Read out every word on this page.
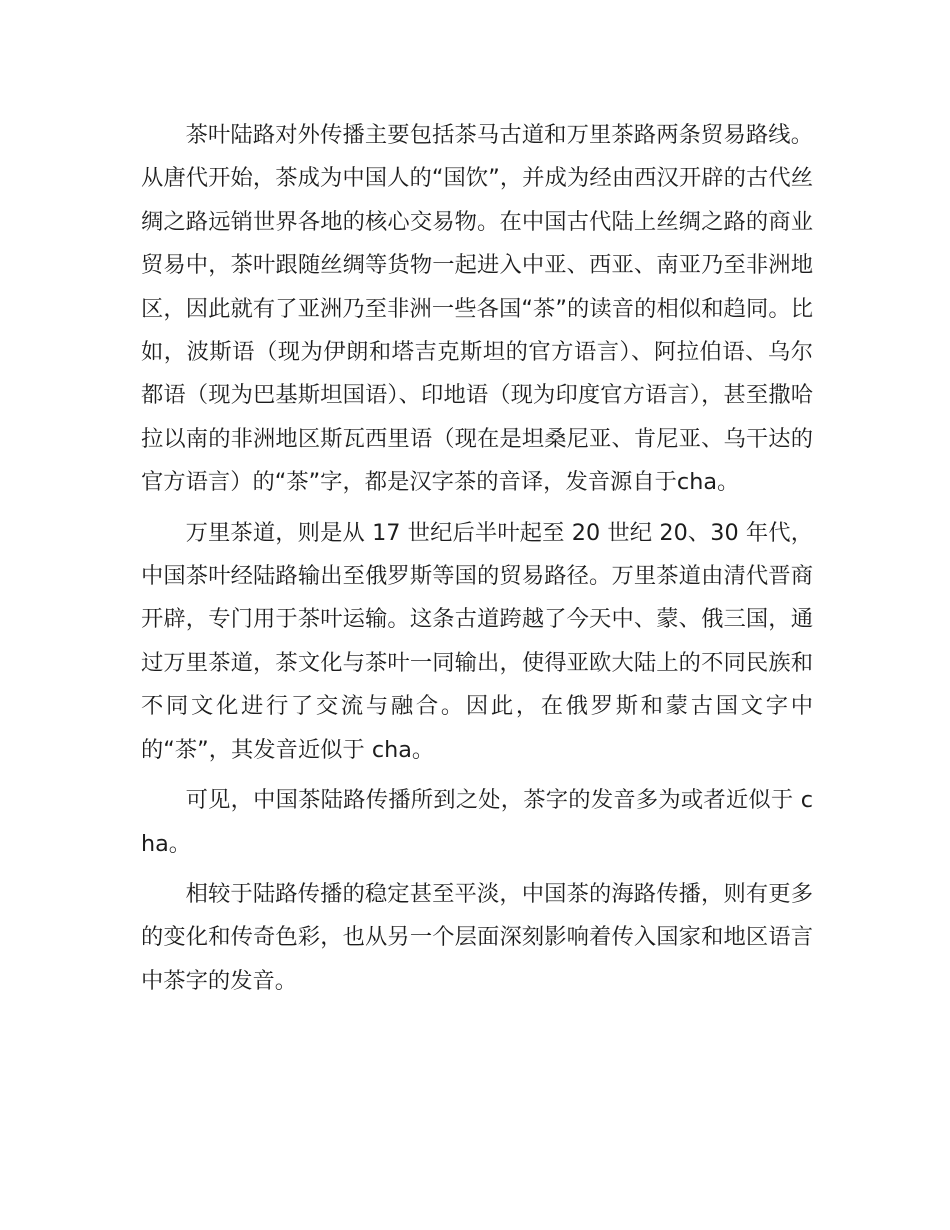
茶叶陆路对外传播主要包括茶马古道和万里茶路两条贸易路线。从唐代开始，茶成为中国人的“国饮”，并成为经由西汉开辟的古代丝绸之路远销世界各地的核心交易物。在中国古代陆上丝绸之路的商业贸易中，茶叶跟随丝绸等货物一起进入中亚、西亚、南亚乃至非洲地区，因此就有了亚洲乃至非洲一些各国“茶”的读音的相似和趋同。比如，波斯语（现为伊朗和塔吉克斯坦的官方语言）、阿拉伯语、乌尔都语（现为巴基斯坦国语）、印地语（现为印度官方语言），甚至撒哈拉以南的非洲地区斯瓦西里语（现在是坦桑尼亚、肯尼亚、乌干达的官方语言）的“茶”字，都是汉字茶的音译，发音源自于cha。

万里茶道，则是从 17 世纪后半叶起至 20 世纪 20、30 年代，中国茶叶经陆路输出至俄罗斯等国的贸易路径。万里茶道由清代晋商开辟，专门用于茶叶运输。这条古道跨越了今天中、蒙、俄三国，通过万里茶道，茶文化与茶叶一同输出，使得亚欧大陆上的不同民族和不同文化进行了交流与融合。因此，在俄罗斯和蒙古国文字中的“茶”，其发音近似于 cha。

可见，中国茶陆路传播所到之处，茶字的发音多为或者近似于 cha。

相较于陆路传播的稳定甚至平淡，中国茶的海路传播，则有更多的变化和传奇色彩，也从另一个层面深刻影响着传入国家和地区语言中茶字的发音。
